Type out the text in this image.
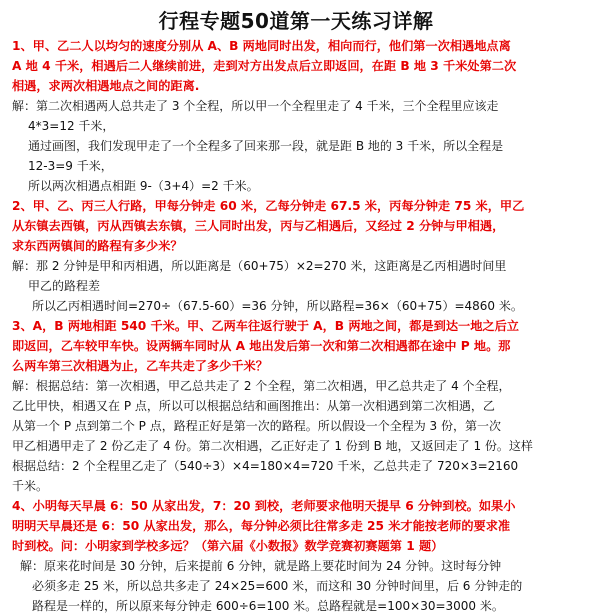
行程专题50道第一天练习详解

1、甲、乙二人以均匀的速度分别从 A、B 两地同时出发，相向而行，他们第一次相遇地点离

A 地 4 千米，相遇后二人继续前进，走到对方出发点后立即返回，在距 B 地 3 千米处第二次

相遇，求两次相遇地点之间的距离.

解：第二次相遇两人总共走了 3 个全程，所以甲一个全程里走了 4 千米，三个全程里应该走

4*3=12 千米，

通过画图，我们发现甲走了一个全程多了回来那一段，就是距 B 地的 3 千米，所以全程是

12-3=9 千米，

所以两次相遇点相距 9-（3+4）=2 千米。

2、甲、乙、丙三人行路，甲每分钟走 60 米，乙每分钟走 67.5 米，丙每分钟走 75 米，甲乙

从东镇去西镇，丙从西镇去东镇，三人同时出发，丙与乙相遇后，又经过 2 分钟与甲相遇，

求东西两镇间的路程有多少米？

解：那 2 分钟是甲和丙相遇，所以距离是（60+75）×2=270 米，这距离是乙丙相遇时间里

甲乙的路程差

所以乙丙相遇时间=270÷（67.5-60）=36 分钟，所以路程=36×（60+75）=4860 米。

3、A，B 两地相距 540 千米。甲、乙两车往返行驶于 A，B 两地之间，都是到达一地之后立

即返回，乙车较甲车快。设两辆车同时从 A 地出发后第一次和第二次相遇都在途中 P 地。那

么两车第三次相遇为止，乙车共走了多少千米？

解：根据总结：第一次相遇，甲乙总共走了 2 个全程，第二次相遇，甲乙总共走了 4 个全程，

乙比甲快，相遇又在 P 点，所以可以根据总结和画图推出：从第一次相遇到第二次相遇，乙

从第一个 P 点到第二个 P 点，路程正好是第一次的路程。所以假设一个全程为 3 份，第一次

甲乙相遇甲走了 2 份乙走了 4 份。第二次相遇，乙正好走了 1 份到 B 地，又返回走了 1 份。这样

根据总结：2 个全程里乙走了（540÷3）×4=180×4=720 千米，乙总共走了 720×3=2160

千米。

4、小明每天早晨 6：50 从家出发，7：20 到校，老师要求他明天提早 6 分钟到校。如果小

明明天早晨还是 6：50 从家出发，那么，每分钟必须比往常多走 25 米才能按老师的要求准

时到校。问：小明家到学校多远？（第六届《小数报》数学竞赛初赛题第 1 题）

解：原来花时间是 30 分钟，后来提前 6 分钟，就是路上要花时间为 24 分钟。这时每分钟

必须多走 25 米，所以总共多走了 24×25=600 米，而这和 30 分钟时间里，后 6 分钟走的

路程是一样的，所以原来每分钟走 600÷6=100 米。总路程就是=100×30=3000 米。
